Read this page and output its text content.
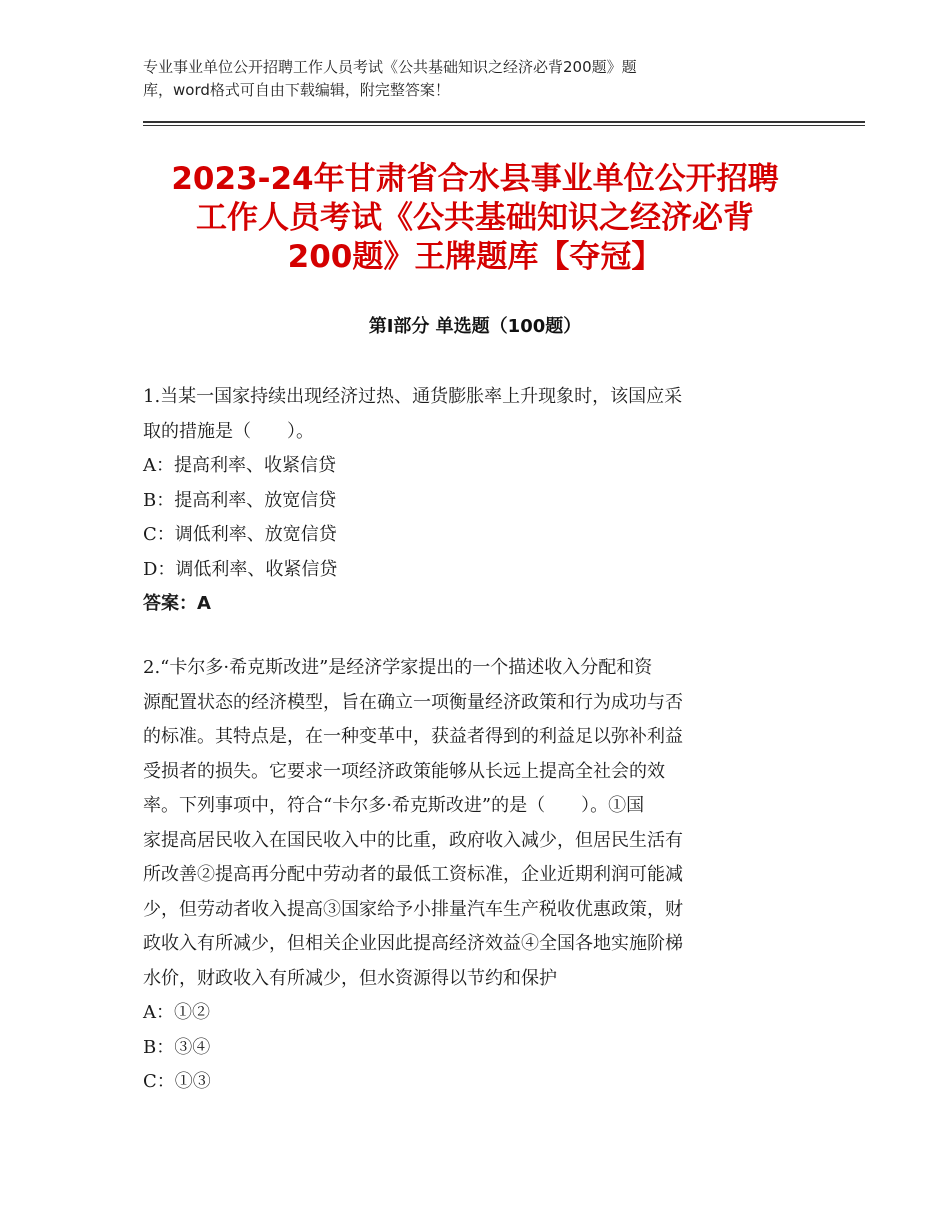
专业事业单位公开招聘工作人员考试《公共基础知识之经济必背200题》题
库，word格式可自由下载编辑，附完整答案！
2023-24年甘肃省合水县事业单位公开招聘
工作人员考试《公共基础知识之经济必背
200题》王牌题库【夺冠】
第Ⅰ部分 单选题（100题）
1.当某一国家持续出现经济过热、通货膨胀率上升现象时，该国应采
取的措施是（　　）。
A：提高利率、收紧信贷
B：提高利率、放宽信贷
C：调低利率、放宽信贷
D：调低利率、收紧信贷
答案：A
2.“卡尔多·希克斯改进”是经济学家提出的一个描述收入分配和资
源配置状态的经济模型，旨在确立一项衡量经济政策和行为成功与否
的标准。其特点是，在一种变革中，获益者得到的利益足以弥补利益
受损者的损失。它要求一项经济政策能够从长远上提高全社会的效
率。下列事项中，符合“卡尔多·希克斯改进”的是（　　）。①国
家提高居民收入在国民收入中的比重，政府收入减少，但居民生活有
所改善②提高再分配中劳动者的最低工资标准，企业近期利润可能减
少，但劳动者收入提高③国家给予小排量汽车生产税收优惠政策，财
政收入有所减少，但相关企业因此提高经济效益④全国各地实施阶梯
水价，财政收入有所减少，但水资源得以节约和保护
A：①②
B：③④
C：①③
